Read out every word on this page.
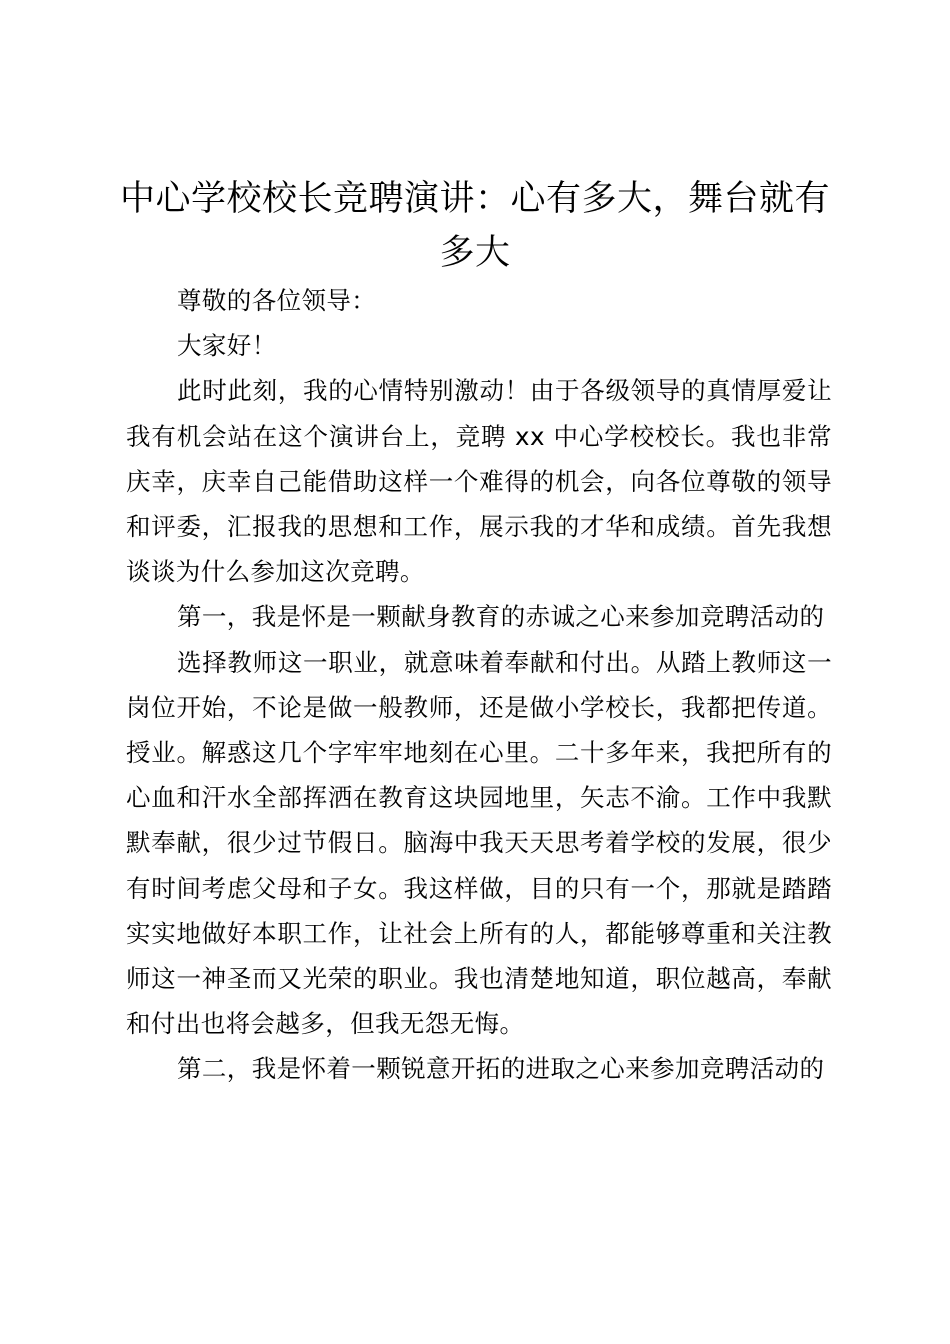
中心学校校长竞聘演讲：心有多大，舞台就有多大

尊敬的各位领导：

大家好！

此时此刻，我的心情特别激动！由于各级领导的真情厚爱让我有机会站在这个演讲台上，竞聘 xx 中心学校校长。我也非常庆幸，庆幸自己能借助这样一个难得的机会，向各位尊敬的领导和评委，汇报我的思想和工作，展示我的才华和成绩。首先我想谈谈为什么参加这次竞聘。

第一，我是怀是一颗献身教育的赤诚之心来参加竞聘活动的

选择教师这一职业，就意味着奉献和付出。从踏上教师这一岗位开始，不论是做一般教师，还是做小学校长，我都把传道。授业。解惑这几个字牢牢地刻在心里。二十多年来，我把所有的心血和汗水全部挥洒在教育这块园地里，矢志不渝。工作中我默默奉献，很少过节假日。脑海中我天天思考着学校的发展，很少有时间考虑父母和子女。我这样做，目的只有一个，那就是踏踏实实地做好本职工作，让社会上所有的人，都能够尊重和关注教师这一神圣而又光荣的职业。我也清楚地知道，职位越高，奉献和付出也将会越多，但我无怨无悔。

第二，我是怀着一颗锐意开拓的进取之心来参加竞聘活动的
